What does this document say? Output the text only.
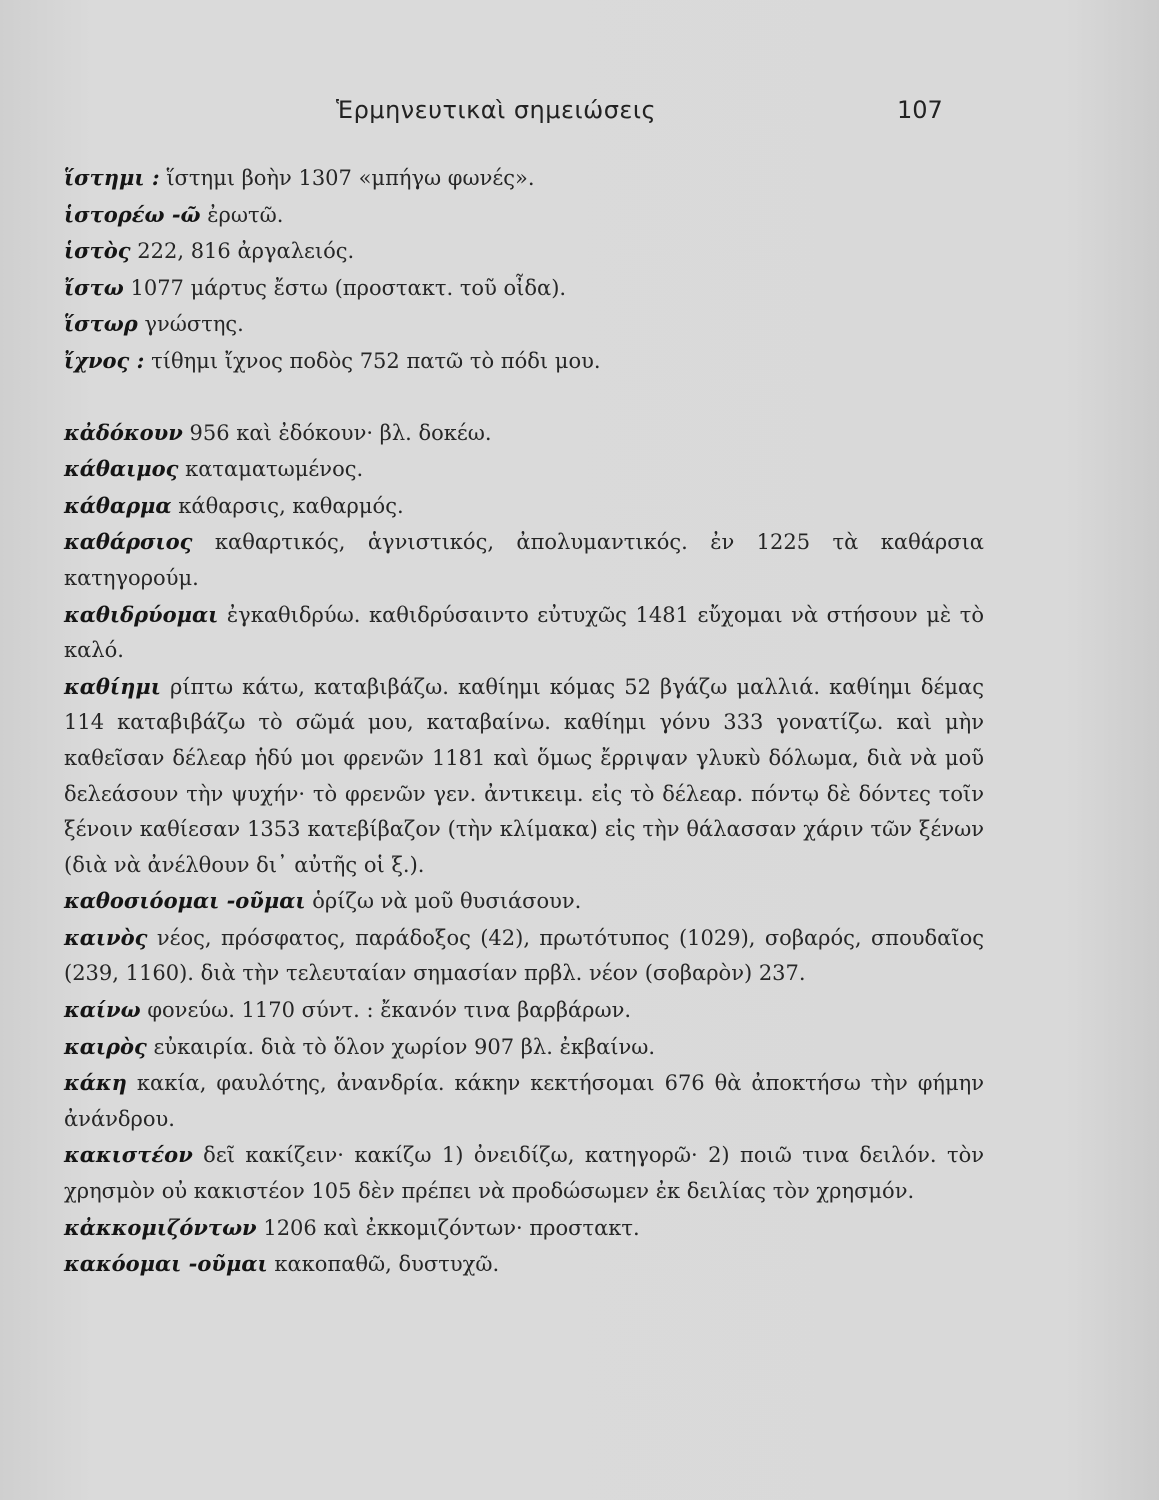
Ἑρμηνευτικαὶ σημειώσεις	107

ἵστημι : ἵστημι βοὴν 1307 «μπήγω φωνές».

ἱστορέω -ῶ ἐρωτῶ.

ἱστὸς 222, 816 ἀργαλειός.

ἴστω 1077 μάρτυς ἔστω (προστακτ. τοῦ οἶδα).

ἵστωρ γνώστης.

ἴχνος : τίθημι ἴχνος ποδὸς 752 πατῶ τὸ πόδι μου.

κἀδόκουν 956 καὶ ἐδόκουν· βλ. δοκέω.

κάθαιμος καταματωμένος.

κάθαρμα κάθαρσις, καθαρμός.

καθάρσιος καθαρτικός, ἁγνιστικός, ἀπολυμαντικός. ἐν 1225 τὰ καθάρσια κατηγορούμ.

καθιδρύομαι ἐγκαθιδρύω. καθιδρύσαιντο εὐτυχῶς 1481 εὔχομαι νὰ στήσουν μὲ τὸ καλό.

καθίημι ρίπτω κάτω, καταβιβάζω. καθίημι κόμας 52 βγάζω μαλλιά. καθίημι δέμας 114 καταβιβάζω τὸ σῶμά μου, καταβαίνω. καθίημι γόνυ 333 γονατίζω. καὶ μὴν καθεῖσαν δέλεαρ ἡδύ μοι φρενῶν 1181 καὶ ὅμως ἔρριψαν γλυκὺ δόλωμα, διὰ νὰ μοῦ δελεάσουν τὴν ψυχήν· τὸ φρενῶν γεν. ἀντικειμ. εἰς τὸ δέλεαρ. πόντῳ δὲ δόντες τοῖν ξένοιν καθίεσαν 1353 κατεβίβαζον (τὴν κλίμακα) εἰς τὴν θάλασσαν χάριν τῶν ξένων (διὰ νὰ ἀνέλθουν δι᾽ αὐτῆς οἱ ξ.).

καθοσιόομαι -οῦμαι ὁρίζω νὰ μοῦ θυσιάσουν.

καινὸς νέος, πρόσφατος, παράδοξος (42), πρωτότυπος (1029), σοβαρός, σπουδαῖος (239, 1160). διὰ τὴν τελευταίαν σημασίαν πρβλ. νέον (σοβαρὸν) 237.

καίνω φονεύω. 1170 σύντ. : ἔκανόν τινα βαρβάρων.

καιρὸς εὐκαιρία. διὰ τὸ ὅλον χωρίον 907 βλ. ἐκβαίνω.

κάκη κακία, φαυλότης, ἀνανδρία. κάκην κεκτήσομαι 676 θὰ ἀποκτήσω τὴν φήμην ἀνάνδρου.

κακιστέον δεῖ κακίζειν· κακίζω 1) ὀνειδίζω, κατηγορῶ· 2) ποιῶ τινα δειλόν. τὸν χρησμὸν οὐ κακιστέον 105 δὲν πρέπει νὰ προδώσωμεν ἐκ δειλίας τὸν χρησμόν.

κἀκκομιζόντων 1206 καὶ ἐκκομιζόντων· προστακτ.

κακόομαι -οῦμαι κακοπαθῶ, δυστυχῶ.
